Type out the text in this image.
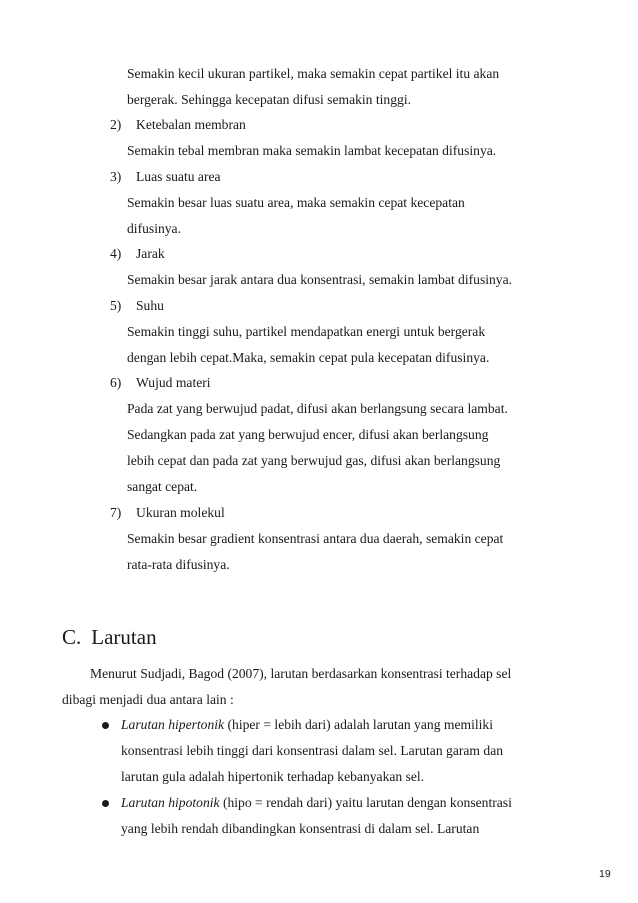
Semakin kecil ukuran partikel, maka semakin cepat partikel itu akan
bergerak. Sehingga kecepatan difusi semakin tinggi.
2) Ketebalan membran
Semakin tebal membran maka semakin lambat kecepatan difusinya.
3) Luas suatu area
Semakin besar luas suatu area, maka semakin cepat kecepatan
difusinya.
4) Jarak
Semakin besar jarak antara dua konsentrasi, semakin lambat difusinya.
5) Suhu
Semakin tinggi suhu, partikel mendapatkan energi untuk bergerak
dengan lebih cepat.Maka, semakin cepat pula kecepatan difusinya.
6) Wujud materi
Pada zat yang berwujud padat, difusi akan berlangsung secara lambat.
Sedangkan pada zat yang berwujud encer, difusi akan berlangsung
lebih cepat dan pada zat yang berwujud gas, difusi akan berlangsung
sangat cepat.
7) Ukuran molekul
Semakin besar gradient konsentrasi antara dua daerah, semakin cepat
rata-rata difusinya.
C. Larutan
Menurut Sudjadi, Bagod (2007), larutan berdasarkan konsentrasi terhadap sel
dibagi menjadi dua antara lain :
Larutan hipertonik (hiper = lebih dari) adalah larutan yang memiliki
konsentrasi lebih tinggi dari konsentrasi dalam sel. Larutan garam dan
larutan gula adalah hipertonik terhadap kebanyakan sel.
Larutan hipotonik (hipo = rendah dari) yaitu larutan dengan konsentrasi
yang lebih rendah dibandingkan konsentrasi di dalam sel. Larutan
19
